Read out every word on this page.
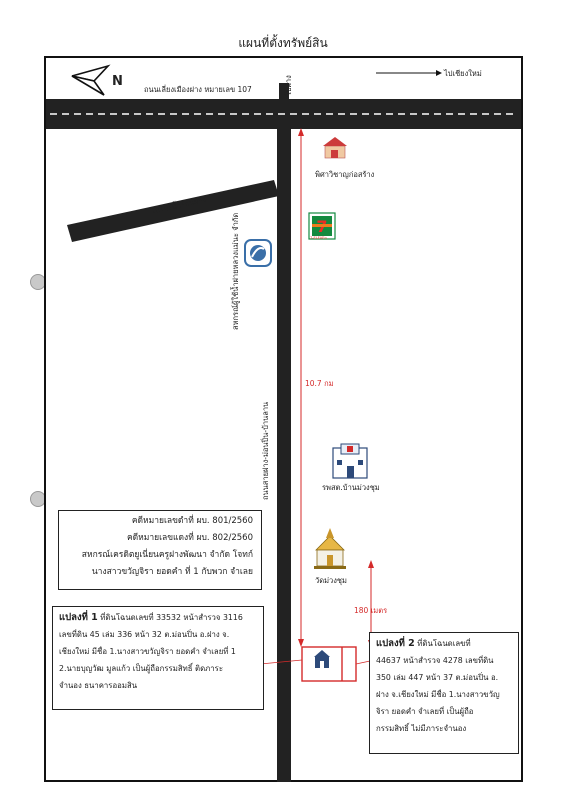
แผนที่ตั้งทรัพย์สิน
N
ถนนเลี่ยงเมืองฝาง หมายเลข 107	ไปฝาง
ไปเชียงใหม่
ไปโป่งน้ำร้อนฝาง
สหกรณ์ผู้ใช้น้ำฝายหลวงแม่นะ จำกัด
ถนนสายฝาง-ม่อนปิ่น-บ้านลาน
พิศาวิชาญก่อสร้าง
รพสต.บ้านม่วงชุม
วัดม่วงชุม
10.7 กม
180 เมตร

คดีหมายเลขดำที่ ผบ. 801/2560

คดีหมายเลขแดงที่ ผบ. 802/2560

สหกรณ์เครดิตยูเนี่ยนครูฝางพัฒนา จำกัด โจทก์

นางสาวขวัญจิรา ยอดคำ ที่ 1 กับพวก จำเลย

แปลงที่ 1 ที่ดินโฉนดเลขที่ 33532 หน้าสำรวจ 3116

เลขที่ดิน 45 เล่ม 336 หน้า 32 ต.ม่อนปิ่น อ.ฝาง จ.

เชียงใหม่ มีชื่อ 1.นางสาวขวัญจิรา ยอดคำ จำเลยที่ 1

2.นายบุญวัฒ มูลแก้ว เป็นผู้ถือกรรมสิทธิ์ ติดภาระ

จำนอง ธนาคารออมสิน

แปลงที่ 2 ที่ดินโฉนดเลขที่

44637 หน้าสำรวจ 4278 เลขที่ดิน

350 เล่ม 447 หน้า 37 ต.ม่อนปิ่น อ.

ฝาง จ.เชียงใหม่ มีชื่อ 1.นางสาวขวัญ

จิรา ยอดคำ จำเลยที่ เป็นผู้ถือ

กรรมสิทธิ์ ไม่มีภาระจำนอง

7-ELEVEn
